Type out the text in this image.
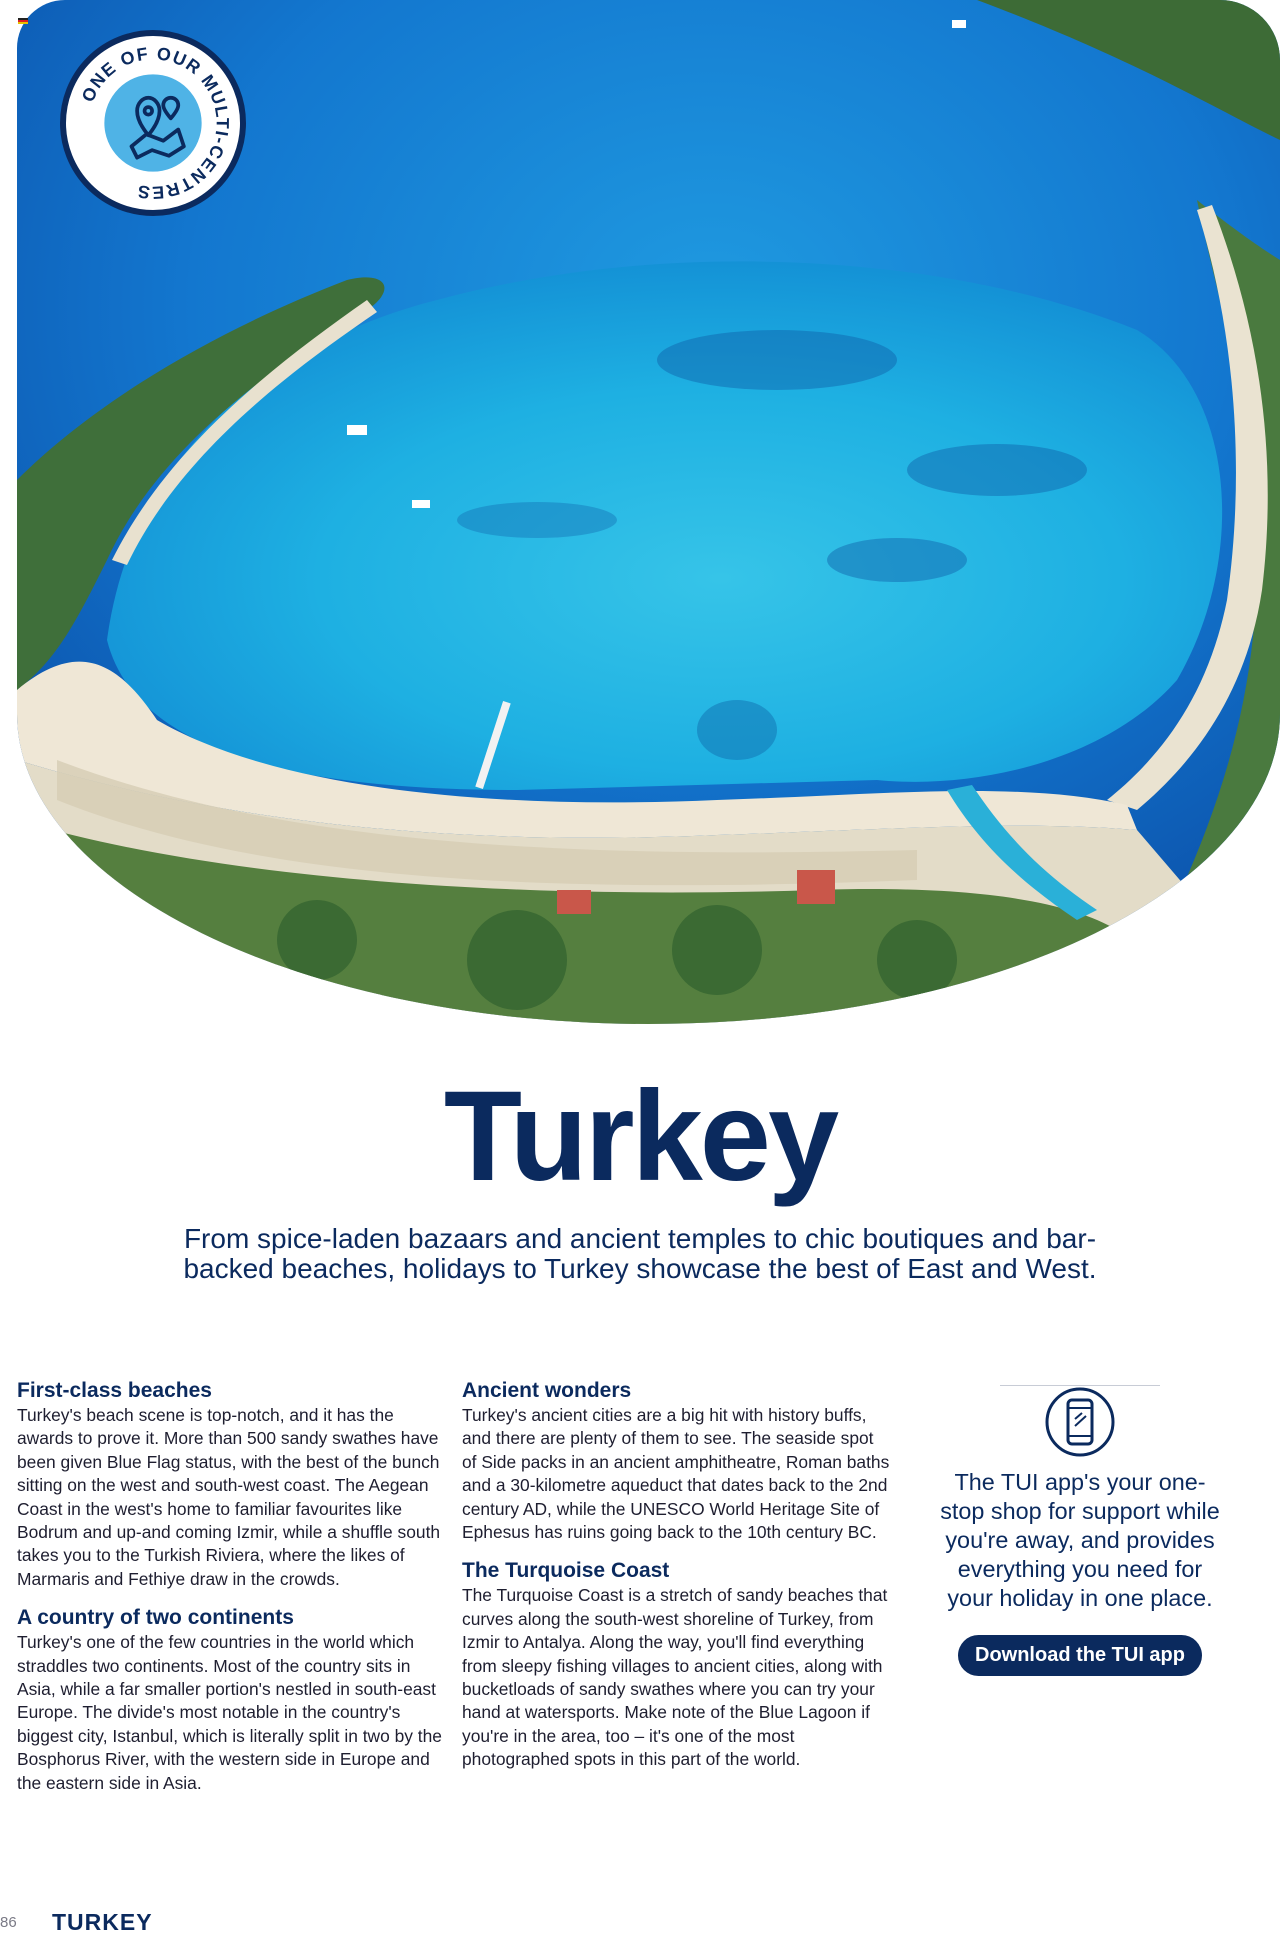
ONE OF OUR MULTI-CENTRES
Turkey
From spice-laden bazaars and ancient temples to chic boutiques and bar-backed beaches, holidays to Turkey showcase the best of East and West.
First-class beaches

Turkey's beach scene is top-notch, and it has the awards to prove it. More than 500 sandy swathes have been given Blue Flag status, with the best of the bunch sitting on the west and south-west coast. The Aegean Coast in the west's home to familiar favourites like Bodrum and up-and coming Izmir, while a shuffle south takes you to the Turkish Riviera, where the likes of Marmaris and Fethiye draw in the crowds.

A country of two continents

Turkey's one of the few countries in the world which straddles two continents. Most of the country sits in Asia, while a far smaller portion's nestled in south-east Europe. The divide's most notable in the country's biggest city, Istanbul, which is literally split in two by the Bosphorus River, with the western side in Europe and the eastern side in Asia.

Ancient wonders

Turkey's ancient cities are a big hit with history buffs, and there are plenty of them to see. The seaside spot of Side packs in an ancient amphitheatre, Roman baths and a 30-kilometre aqueduct that dates back to the 2nd century AD, while the UNESCO World Heritage Site of Ephesus has ruins going back to the 10th century BC.

The Turquoise Coast

The Turquoise Coast is a stretch of sandy beaches that curves along the south-west shoreline of Turkey, from Izmir to Antalya. Along the way, you'll find everything from sleepy fishing villages to ancient cities, along with bucketloads of sandy swathes where you can try your hand at watersports. Make note of the Blue Lagoon if you're in the area, too – it's one of the most photographed spots in this part of the world.

The TUI app's your one-stop shop for support while you're away, and provides everything you need for your holiday in one place.
Download the TUI app
86 TURKEY
